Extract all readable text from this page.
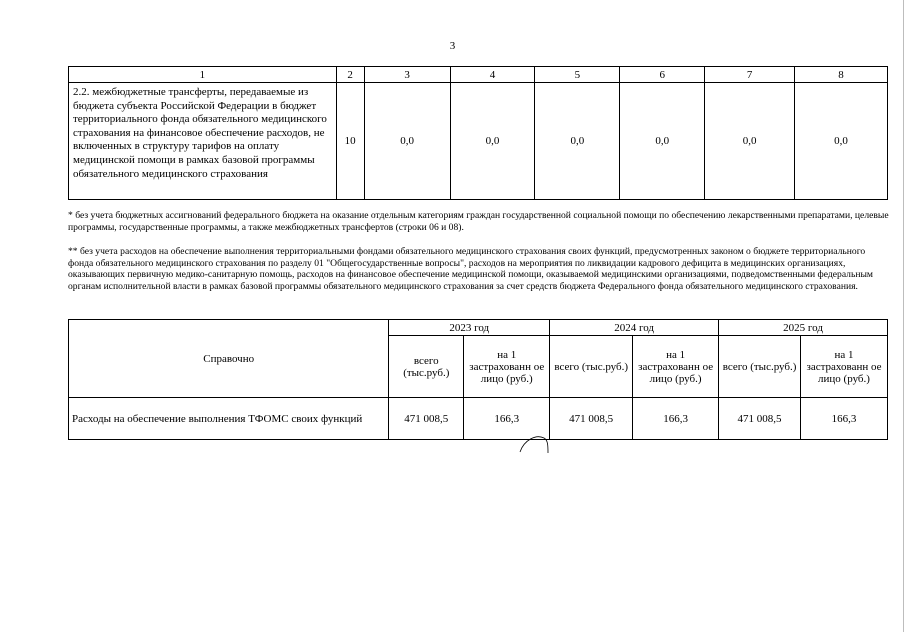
3
1	2	3	4	5	6	7	8
2.2. межбюджетные трансферты, передаваемые из бюджета субъекта Российской Федерации в бюджет территориального фонда обязательного медицинского страхования на финансовое обеспечение расходов, не включенных в структуру тарифов на оплату медицинской помощи в рамках базовой программы обязательного медицинского страхования	10	0,0	0,0	0,0	0,0	0,0	0,0
* без учета бюджетных ассигнований федерального бюджета на оказание отдельным категориям граждан государственной социальной помощи по обеспечению лекарственными препаратами, целевые программы, государственные программы, а также межбюджетных трансфертов (строки 06 и 08).
** без учета расходов на обеспечение выполнения территориальными фондами обязательного медицинского страхования своих функций, предусмотренных законом о бюджете территориального фонда обязательного медицинского страхования по разделу 01 "Общегосударственные вопросы", расходов на мероприятия по ликвидации кадрового дефицита в медицинских организациях, оказывающих первичную медико-санитарную помощь, расходов на финансовое обеспечение медицинской помощи, оказываемой медицинскими организациями, подведомственными федеральным органам исполнительной власти в рамках базовой программы обязательного медицинского страхования за счет средств бюджета Федерального фонда обязательного медицинского страхования.
Справочно	2023 год		2024 год		2025 год	
	всего (тыс.руб.)	на 1 застрахованн ое лицо (руб.)	всего (тыс.руб.)	на 1 застрахованн ое лицо (руб.)	всего (тыс.руб.)	на 1 застрахованн ое лицо (руб.)
Расходы на обеспечение выполнения ТФОМС своих функций	471 008,5	166,3	471 008,5	166,3	471 008,5	166,3
